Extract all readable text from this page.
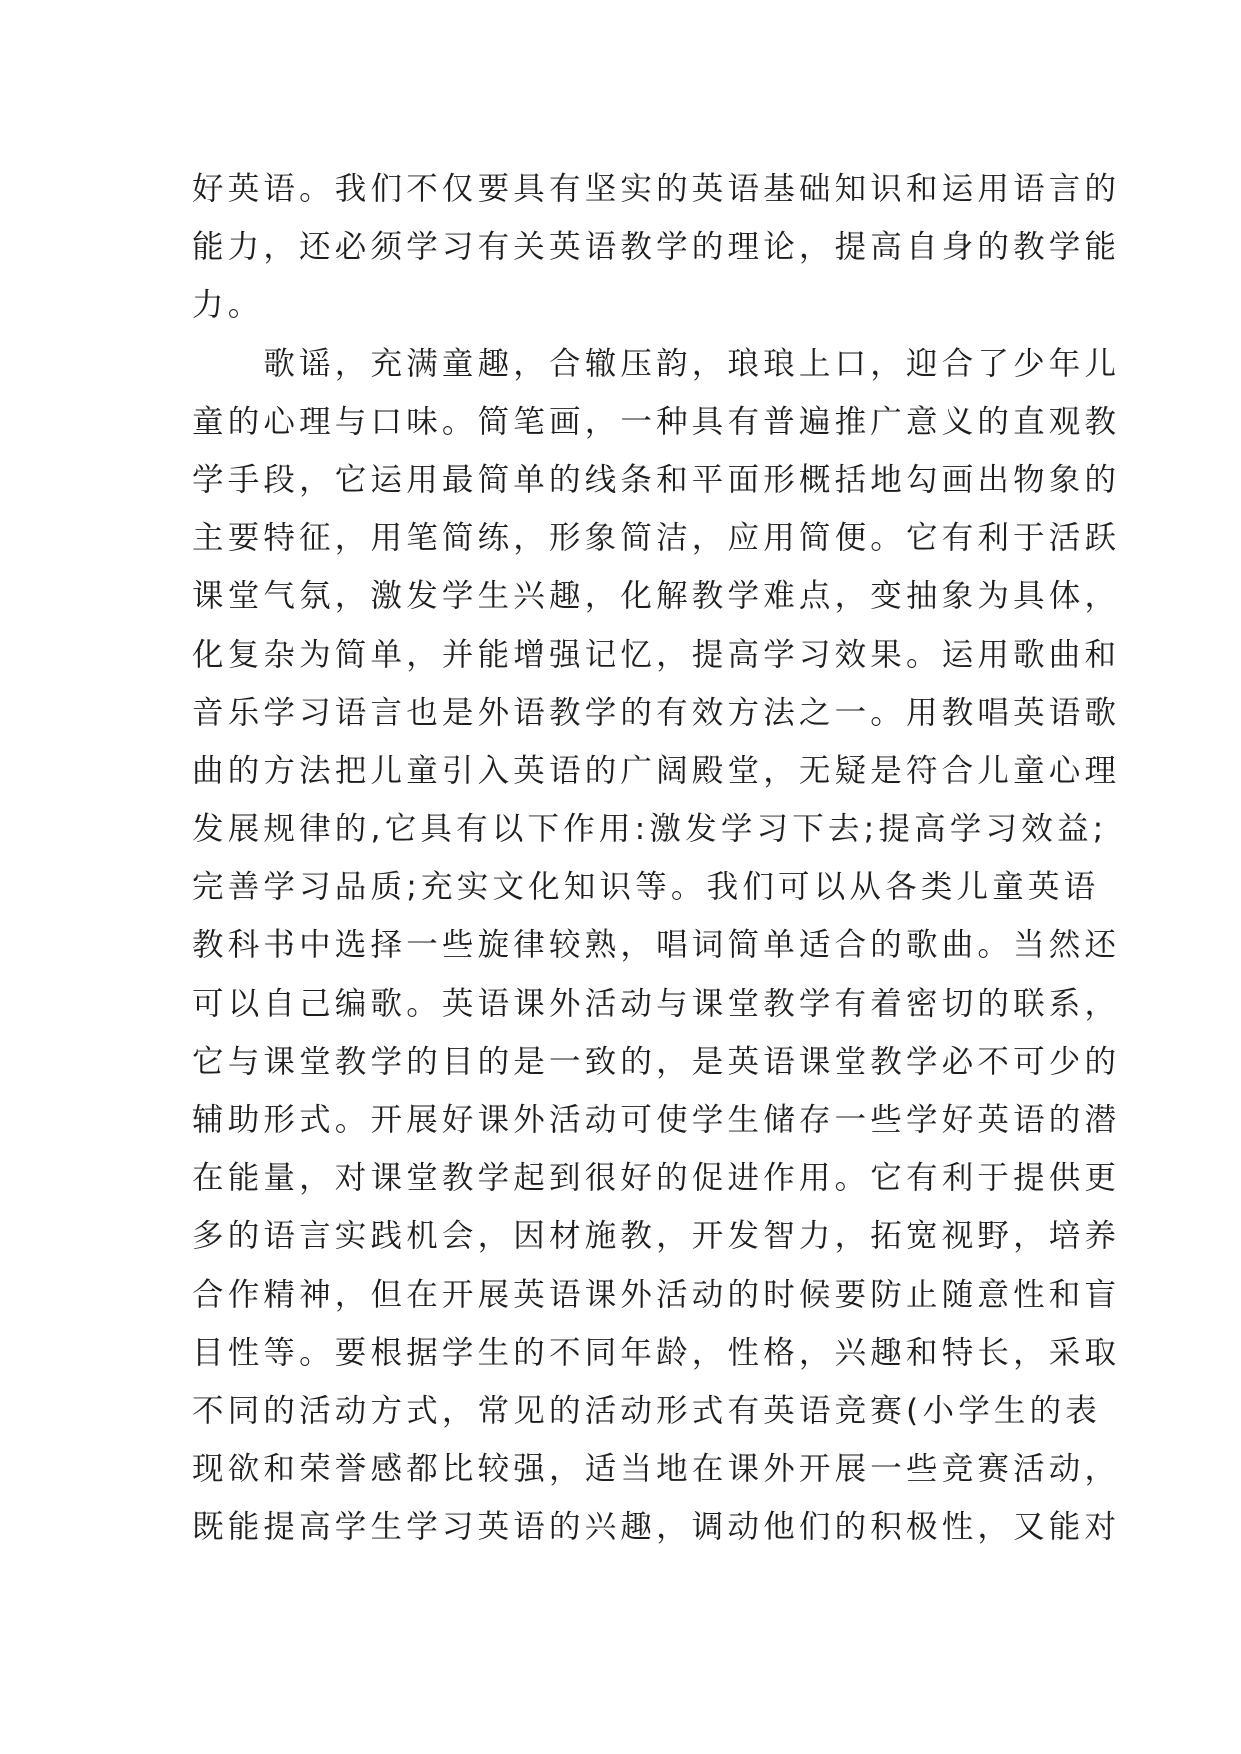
好英语。我们不仅要具有坚实的英语基础知识和运用语言的
能力，还必须学习有关英语教学的理论，提高自身的教学能
力。
　　歌谣，充满童趣，合辙压韵，琅琅上口，迎合了少年儿
童的心理与口味。简笔画，一种具有普遍推广意义的直观教
学手段，它运用最简单的线条和平面形概括地勾画出物象的
主要特征，用笔简练，形象简洁，应用简便。它有利于活跃
课堂气氛，激发学生兴趣，化解教学难点，变抽象为具体，
化复杂为简单，并能增强记忆，提高学习效果。运用歌曲和
音乐学习语言也是外语教学的有效方法之一。用教唱英语歌
曲的方法把儿童引入英语的广阔殿堂，无疑是符合儿童心理
发展规律的,它具有以下作用:激发学习下去;提高学习效益;
完善学习品质;充实文化知识等。我们可以从各类儿童英语
教科书中选择一些旋律较熟，唱词简单适合的歌曲。当然还
可以自己编歌。英语课外活动与课堂教学有着密切的联系，
它与课堂教学的目的是一致的，是英语课堂教学必不可少的
辅助形式。开展好课外活动可使学生储存一些学好英语的潜
在能量，对课堂教学起到很好的促进作用。它有利于提供更
多的语言实践机会，因材施教，开发智力，拓宽视野，培养
合作精神，但在开展英语课外活动的时候要防止随意性和盲
目性等。要根据学生的不同年龄，性格，兴趣和特长，采取
不同的活动方式，常见的活动形式有英语竞赛(小学生的表
现欲和荣誉感都比较强，适当地在课外开展一些竞赛活动，
既能提高学生学习英语的兴趣，调动他们的积极性，又能对
